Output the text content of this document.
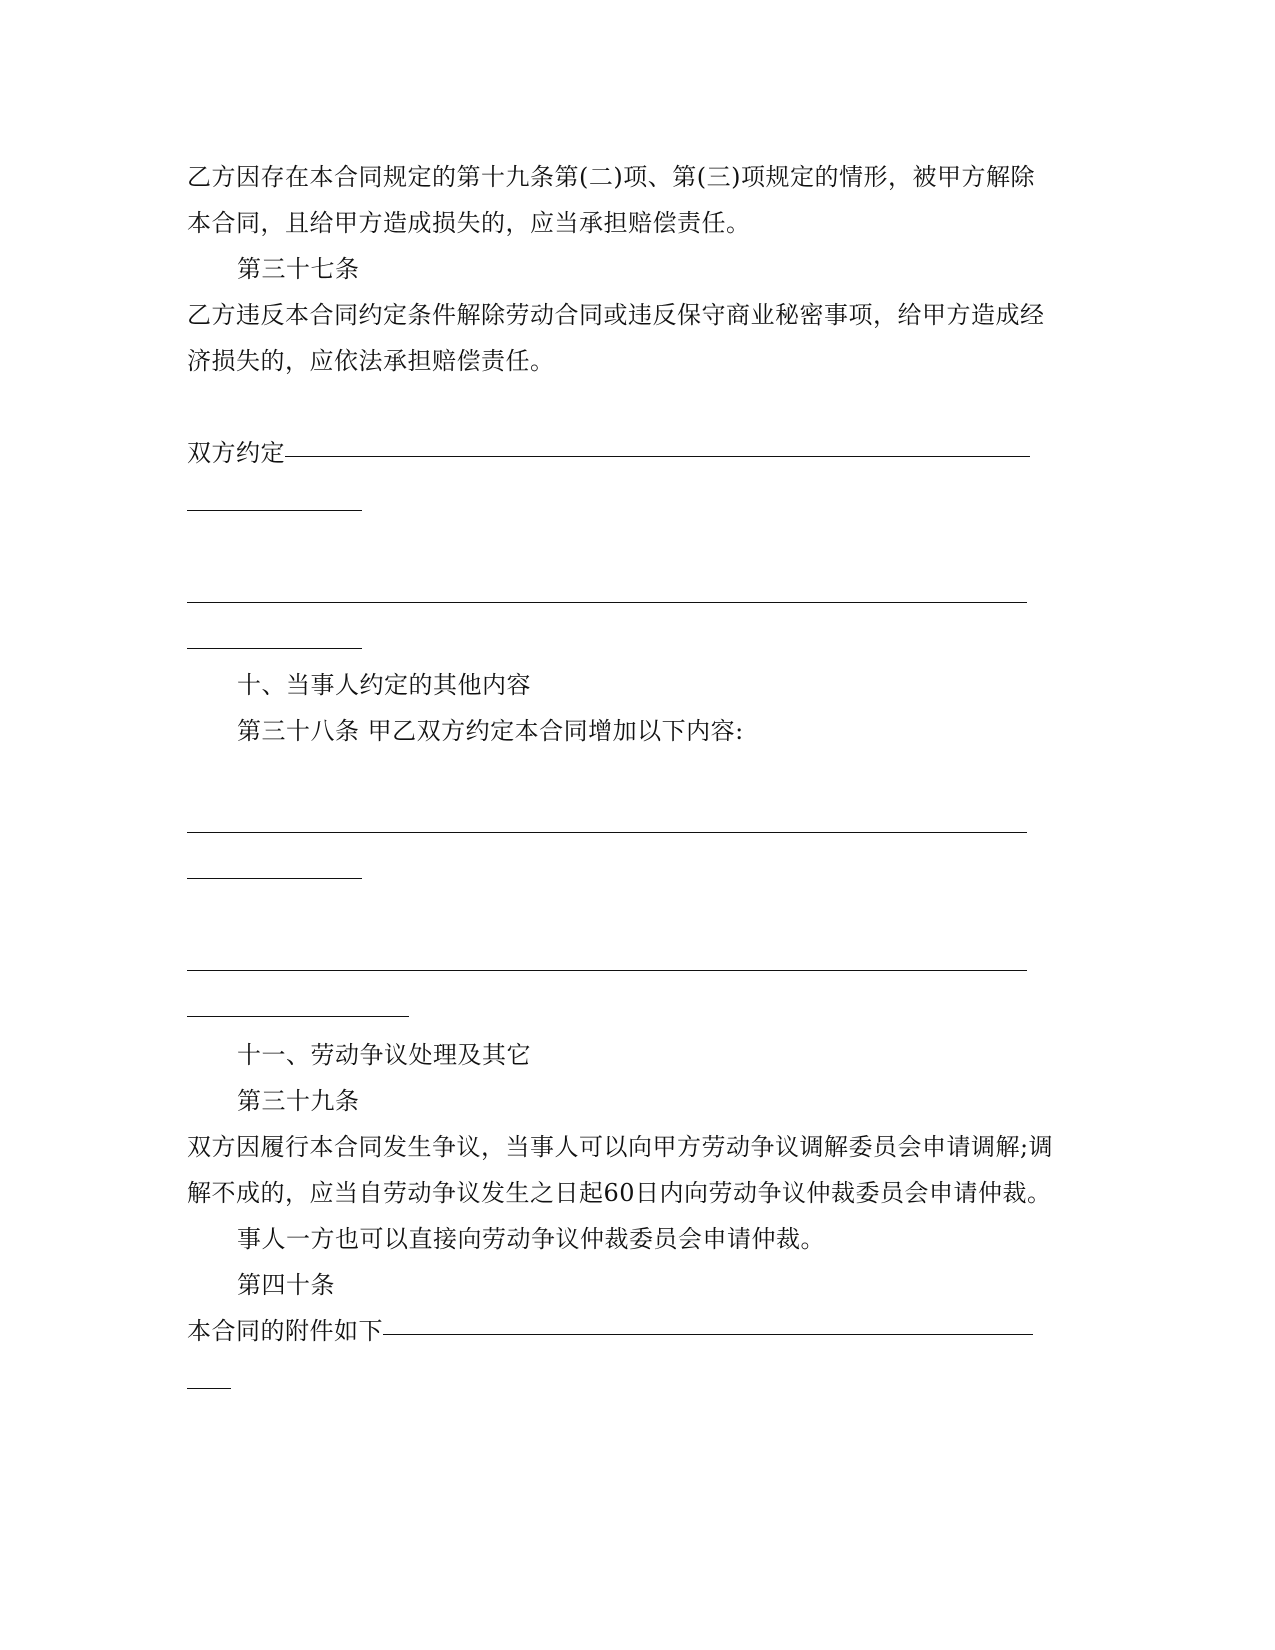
乙方因存在本合同规定的第十九条第(二)项、第(三)项规定的情形，被甲方解除
本合同，且给甲方造成损失的，应当承担赔偿责任。
第三十七条
乙方违反本合同约定条件解除劳动合同或违反保守商业秘密事项，给甲方造成经
济损失的，应依法承担赔偿责任。
双方约定
十、当事人约定的其他内容
第三十八条 甲乙双方约定本合同增加以下内容:
十一、劳动争议处理及其它
第三十九条
双方因履行本合同发生争议，当事人可以向甲方劳动争议调解委员会申请调解;调
解不成的，应当自劳动争议发生之日起60日内向劳动争议仲裁委员会申请仲裁。
事人一方也可以直接向劳动争议仲裁委员会申请仲裁。
第四十条
本合同的附件如下
